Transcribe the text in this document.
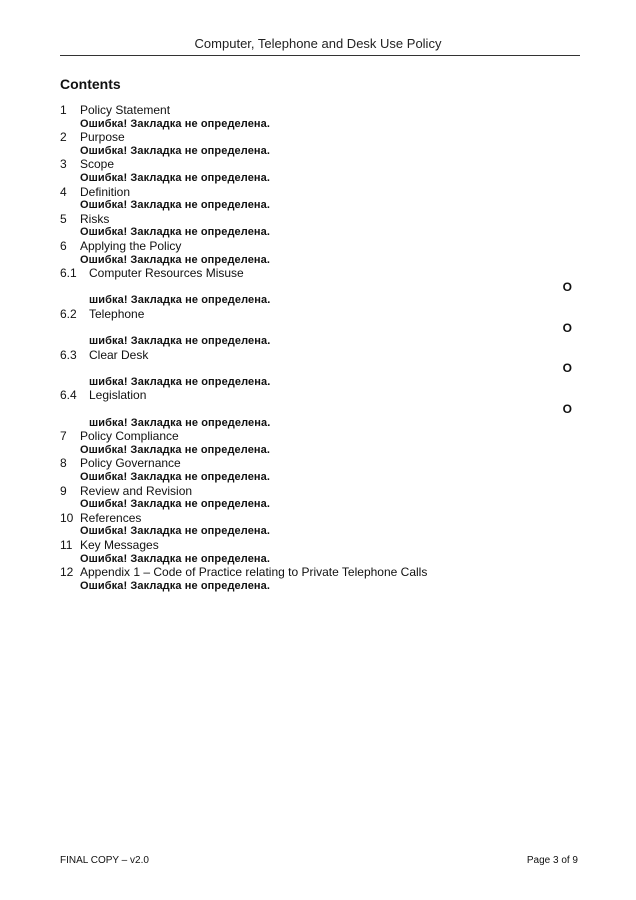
Computer, Telephone and Desk Use Policy
Contents
1 Policy Statement
Ошибка! Закладка не определена.
2 Purpose
Ошибка! Закладка не определена.
3 Scope
Ошибка! Закладка не определена.
4 Definition
Ошибка! Закладка не определена.
5 Risks
Ошибка! Закладка не определена.
6 Applying the Policy
Ошибка! Закладка не определена.
6.1 Computer Resources Misuse
О
шибка! Закладка не определена.
6.2 Telephone
О
шибка! Закладка не определена.
6.3 Clear Desk
О
шибка! Закладка не определена.
6.4 Legislation
О
шибка! Закладка не определена.
7 Policy Compliance
Ошибка! Закладка не определена.
8 Policy Governance
Ошибка! Закладка не определена.
9 Review and Revision
Ошибка! Закладка не определена.
10 References
Ошибка! Закладка не определена.
11 Key Messages
Ошибка! Закладка не определена.
12 Appendix 1 – Code of Practice relating to Private Telephone Calls
Ошибка! Закладка не определена.
FINAL COPY – v2.0	Page 3 of 9
